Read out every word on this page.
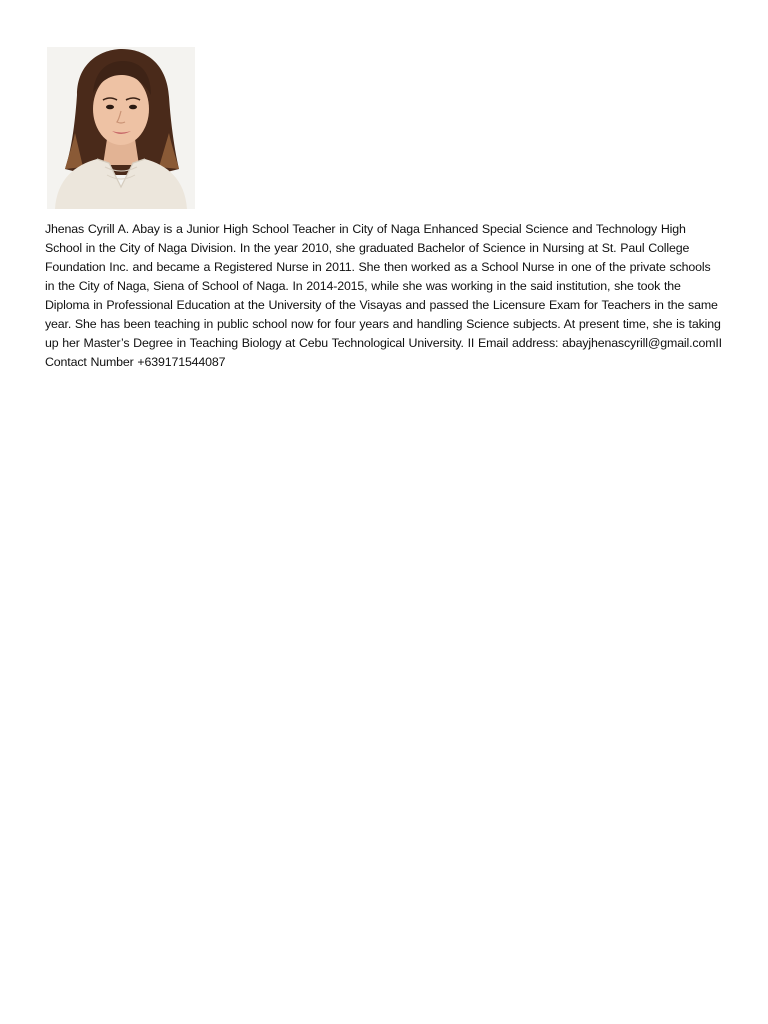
Jhenas Cyrill A. Abay is a Junior High School Teacher in City of Naga Enhanced Special Science and Technology High School in the City of Naga Division. In the year 2010, she graduated Bachelor of Science in Nursing at St. Paul College Foundation Inc. and became a Registered Nurse in 2011. She then worked as a School Nurse in one of the private schools in the City of Naga, Siena of School of Naga. In 2014-2015, while she was working in the said institution, she took the Diploma in Professional Education at the University of the Visayas and passed the Licensure Exam for Teachers in the same year. She has been teaching in public school now for four years and handling Science subjects. At present time, she is taking up her Master’s Degree in Teaching Biology at Cebu Technological University. II Email address: abayjhenascyrill@gmail.comII Contact Number +639171544087
